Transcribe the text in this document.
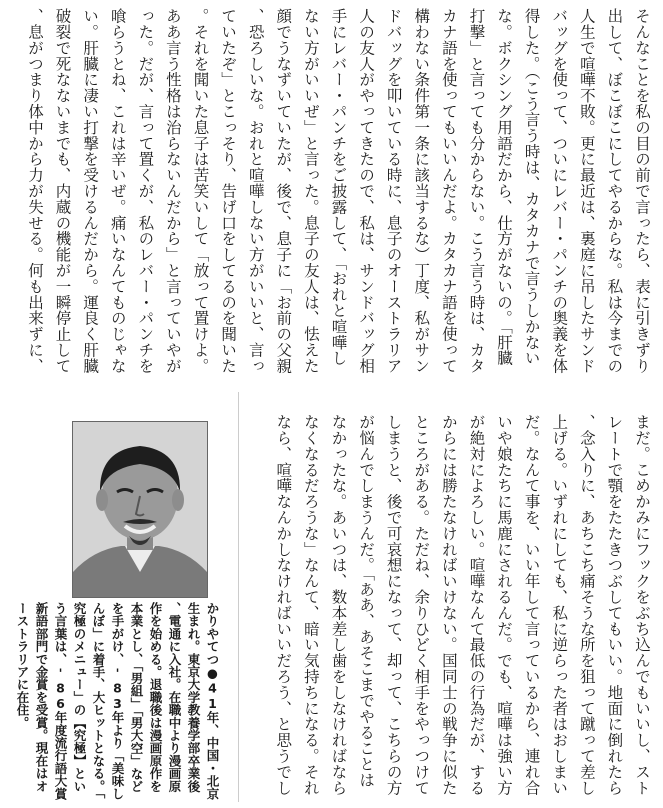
そんなことを私の目の前で言ったら、表に引きずり出して、ぼこぼこにしてやるからな。私は今までの人生で喧嘩不敗。更に最近は、裏庭に吊したサンドバッグを使って、ついにレバー・パンチの奥義を体得した。（こう言う時は、カタカナで言うしかないな。ボクシング用語だから、仕方がないの。「肝臓打撃」と言っても分からない。こう言う時は、カタカナ語を使ってもいいんだよ。カタカナ語を使って構わない条件第一条に該当するな）丁度、私がサンドバッグを叩いている時に、息子のオーストラリア人の友人がやってきたので、私は、サンドバッグ相手にレバー・パンチをご披露して、「おれと喧嘩しない方がいいぜ」と言った。息子の友人は、怯えた顔でうなずいていたが、後で、息子に「お前の父親、恐ろしいな。おれと喧嘩しない方がいいと、言っていたぞ」とこっそり、告げ口をしてるのを聞いた。それを聞いた息子は苦笑いして「放って置けよ。ああ言う性格は治らないんだから」と言っていやがった。だが、言って置くが、私のレバー・パンチを喰らうとね、これは辛いぜ。痛いなんてものじゃない。肝臓に凄い打撃を受けるんだから。運良く肝臓破裂で死なないまでも、内蔵の機能が一瞬停止して、息がつまり体中から力が失せる。何も出来ずに、
まだ。こめかみにフックをぶち込んでもいいし、ストレートで顎をたたきつぶしてもいい。地面に倒れたら、念入りに、あちこち痛そうな所を狙って蹴って差し上げる。いずれにしても、私に逆らった者はおしまいだ。なんて事を、いい年して言っているから、連れ合いや娘たちに馬鹿にされるんだ。でも、喧嘩は強い方が絶対によろしい。喧嘩なんて最低の行為だが、するからには勝たなければいけない。国同士の戦争に似たところがある。ただね、余りひどく相手をやっつけてしまうと、後で可哀想になって、却って、こちらの方が悩んでしまうんだ。「ああ、あそこまでやることはなかったな。あいつは、数本差し歯をしなければならなくなるだろうな」なんて、暗い気持ちになる。それなら、喧嘩なんかしなければいいだろう、と思うでし
かりやてつ●41年、中国・北京生まれ。東京大学教養学部卒業後、電通に入社。在職中より漫画原作を始める。退職後は漫画原作を本業とし、「男組」「男大空」などを手がけ、'83年より「美味しんぼ」に着手、大ヒットとなる。「究極のメニュー」の【究極】という言葉は、'86年度流行語大賞新語部門で金賞を受賞。現在はオーストラリアに在住。
